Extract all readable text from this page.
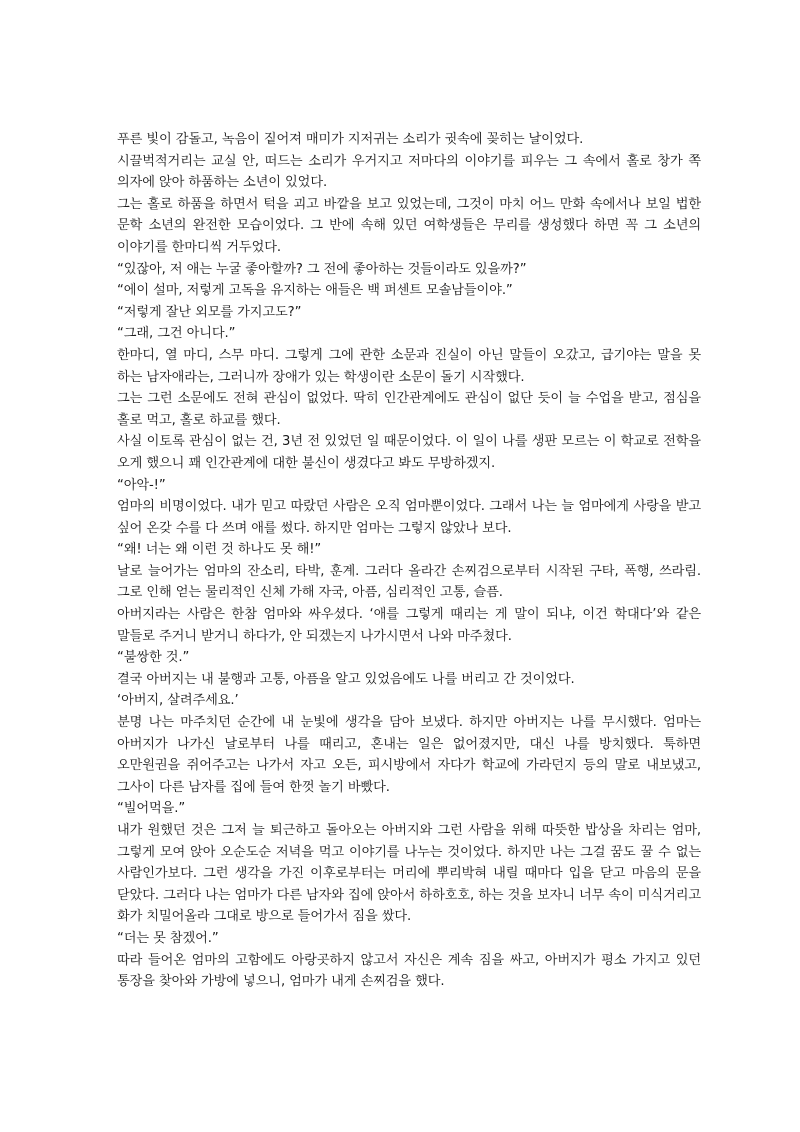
푸른 빛이 감돌고, 녹음이 짙어져 매미가 지저귀는 소리가 귓속에 꽂히는 날이었다.

시끌벅적거리는 교실 안, 떠드는 소리가 우거지고 저마다의 이야기를 피우는 그 속에서 홀로 창가 쪽 의자에 앉아 하품하는 소년이 있었다.

그는 홀로 하품을 하면서 턱을 괴고 바깥을 보고 있었는데, 그것이 마치 어느 만화 속에서나 보일 법한 문학 소년의 완전한 모습이었다. 그 반에 속해 있던 여학생들은 무리를 생성했다 하면 꼭 그 소년의 이야기를 한마디씩 거두었다.

“있잖아, 저 애는 누굴 좋아할까? 그 전에 좋아하는 것들이라도 있을까?”

“에이 설마, 저렇게 고독을 유지하는 애들은 백 퍼센트 모솔남들이야.”

“저렇게 잘난 외모를 가지고도?”

“그래, 그건 아니다.”

한마디, 열 마디, 스무 마디. 그렇게 그에 관한 소문과 진실이 아닌 말들이 오갔고, 급기야는 말을 못 하는 남자애라는, 그러니까 장애가 있는 학생이란 소문이 돌기 시작했다.

그는 그런 소문에도 전혀 관심이 없었다. 딱히 인간관계에도 관심이 없단 듯이 늘 수업을 받고, 점심을 홀로 먹고, 홀로 하교를 했다.

사실 이토록 관심이 없는 건, 3년 전 있었던 일 때문이었다. 이 일이 나를 생판 모르는 이 학교로 전학을 오게 했으니 꽤 인간관계에 대한 불신이 생겼다고 봐도 무방하겠지.

“아악-!”

엄마의 비명이었다. 내가 믿고 따랐던 사람은 오직 엄마뿐이었다. 그래서 나는 늘 엄마에게 사랑을 받고 싶어 온갖 수를 다 쓰며 애를 썼다. 하지만 엄마는 그렇지 않았나 보다.

“왜! 너는 왜 이런 것 하나도 못 해!”

날로 늘어가는 엄마의 잔소리, 타박, 훈계. 그러다 올라간 손찌검으로부터 시작된 구타, 폭행, 쓰라림. 그로 인해 얻는 물리적인 신체 가해 자국, 아픔, 심리적인 고통, 슬픔.

아버지라는 사람은 한참 엄마와 싸우셨다. ‘애를 그렇게 때리는 게 말이 되냐, 이건 학대다’와 같은 말들로 주거니 받거니 하다가, 안 되겠는지 나가시면서 나와 마주쳤다.

“불쌍한 것.”

결국 아버지는 내 불행과 고통, 아픔을 알고 있었음에도 나를 버리고 간 것이었다.

‘아버지, 살려주세요.’

분명 나는 마주치던 순간에 내 눈빛에 생각을 담아 보냈다. 하지만 아버지는 나를 무시했다. 엄마는 아버지가 나가신 날로부터 나를 때리고, 혼내는 일은 없어졌지만, 대신 나를 방치했다. 툭하면 오만원권을 쥐어주고는 나가서 자고 오든, 피시방에서 자다가 학교에 가라던지 등의 말로 내보냈고, 그사이 다른 남자를 집에 들여 한껏 놀기 바빴다.

“빌어먹을.”

내가 원했던 것은 그저 늘 퇴근하고 돌아오는 아버지와 그런 사람을 위해 따뜻한 밥상을 차리는 엄마, 그렇게 모여 앉아 오순도순 저녁을 먹고 이야기를 나누는 것이었다. 하지만 나는 그걸 꿈도 꿀 수 없는 사람인가보다. 그런 생각을 가진 이후로부터는 머리에 뿌리박혀 내릴 때마다 입을 닫고 마음의 문을 닫았다. 그러다 나는 엄마가 다른 남자와 집에 앉아서 하하호호, 하는 것을 보자니 너무 속이 미식거리고 화가 치밀어올라 그대로 방으로 들어가서 짐을 쌌다.

“더는 못 참겠어.”

따라 들어온 엄마의 고함에도 아랑곳하지 않고서 자신은 계속 짐을 싸고, 아버지가 평소 가지고 있던 통장을 찾아와 가방에 넣으니, 엄마가 내게 손찌검을 했다.
